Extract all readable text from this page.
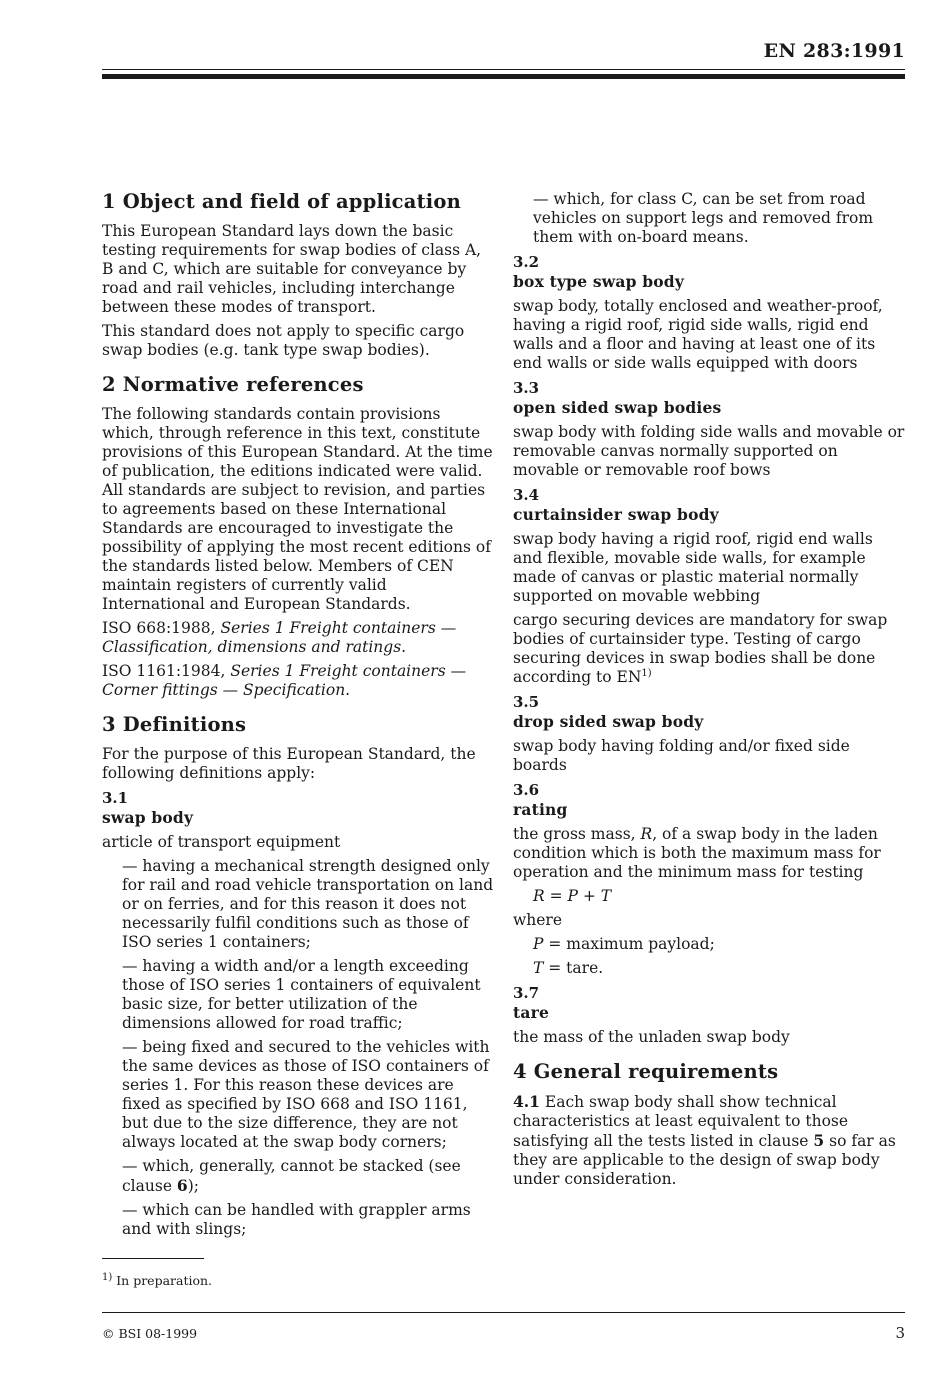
EN 283:1991
1 Object and field of application

This European Standard lays down the basic testing requirements for swap bodies of class A, B and C, which are suitable for conveyance by road and rail vehicles, including interchange between these modes of transport.

This standard does not apply to specific cargo swap bodies (e.g. tank type swap bodies).

2 Normative references

The following standards contain provisions which, through reference in this text, constitute provisions of this European Standard. At the time of publication, the editions indicated were valid. All standards are subject to revision, and parties to agreements based on these International Standards are encouraged to investigate the possibility of applying the most recent editions of the standards listed below. Members of CEN maintain registers of currently valid International and European Standards.

ISO 668:1988, Series 1 Freight containers — Classification, dimensions and ratings.

ISO 1161:1984, Series 1 Freight containers — Corner fittings — Specification.

3 Definitions

For the purpose of this European Standard, the following definitions apply:

3.1
swap body

article of transport equipment

— having a mechanical strength designed only for rail and road vehicle transportation on land or on ferries, and for this reason it does not necessarily fulfil conditions such as those of ISO series 1 containers;

— having a width and/or a length exceeding those of ISO series 1 containers of equivalent basic size, for better utilization of the dimensions allowed for road traffic;

— being fixed and secured to the vehicles with the same devices as those of ISO containers of series 1. For this reason these devices are fixed as specified by ISO 668 and ISO 1161, but due to the size difference, they are not always located at the swap body corners;

— which, generally, cannot be stacked (see clause 6);

— which can be handled with grappler arms and with slings;

— which, for class C, can be set from road vehicles on support legs and removed from them with on-board means.

3.2
box type swap body

swap body, totally enclosed and weather-proof, having a rigid roof, rigid side walls, rigid end walls and a floor and having at least one of its end walls or side walls equipped with doors

3.3
open sided swap bodies

swap body with folding side walls and movable or removable canvas normally supported on movable or removable roof bows

3.4
curtainsider swap body

swap body having a rigid roof, rigid end walls and flexible, movable side walls, for example made of canvas or plastic material normally supported on movable webbing

cargo securing devices are mandatory for swap bodies of curtainsider type. Testing of cargo securing devices in swap bodies shall be done according to EN$^{1)}$

3.5
drop sided swap body

swap body having folding and/or fixed side boards

3.6
rating

the gross mass, R, of a swap body in the laden condition which is both the maximum mass for operation and the minimum mass for testing

R = P + T

where

P = maximum payload;

T = tare.

3.7
tare

the mass of the unladen swap body

4 General requirements

4.1 Each swap body shall show technical characteristics at least equivalent to those satisfying all the tests listed in clause 5 so far as they are applicable to the design of swap body under consideration.

$^{1)}$ In preparation.
© BSI 08-1999	3
